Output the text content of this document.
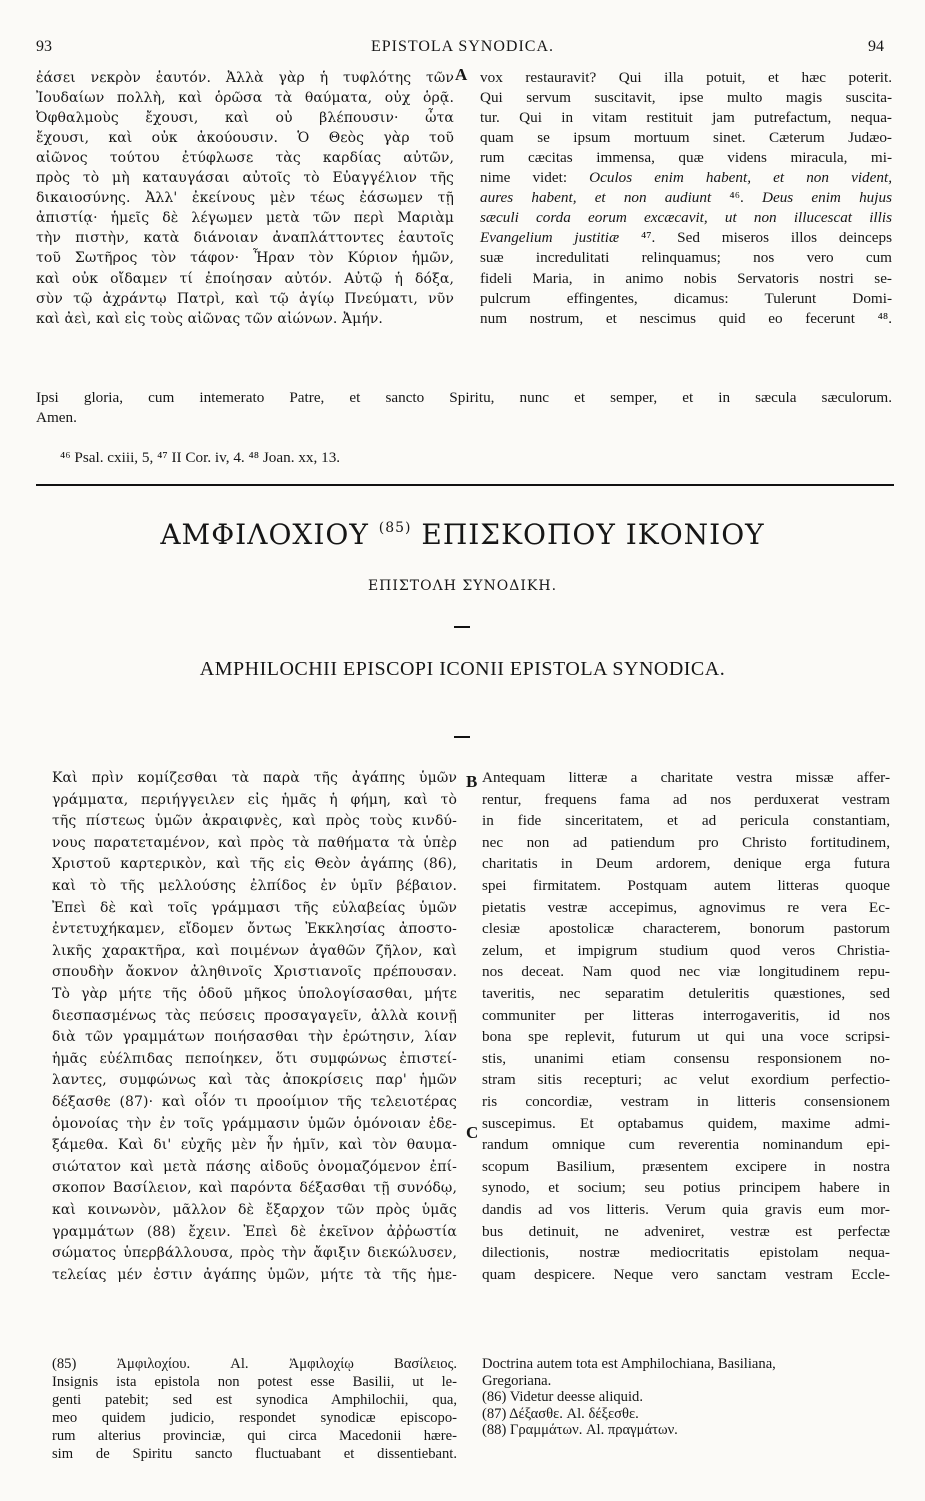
93	EPISTOLA SYNODICA.	94
ἐάσει νεκρὸν ἑαυτόν. Ἀλλὰ γὰρ ἡ τυφλότης τῶν
Ἰουδαίων πολλὴ, καὶ ὁρῶσα τὰ θαύματα, οὐχ ὁρᾷ.
Ὀφθαλμοὺς ἔχουσι, καὶ οὐ βλέπουσιν· ὦτα
ἔχουσι, καὶ οὐκ ἀκούουσιν. Ὁ Θεὸς γὰρ τοῦ
αἰῶνος τούτου ἐτύφλωσε τὰς καρδίας αὐτῶν,
πρὸς τὸ μὴ καταυγάσαι αὐτοῖς τὸ Εὐαγγέλιον τῆς
δικαιοσύνης. Ἀλλ' ἐκείνους μὲν τέως ἐάσωμεν τῇ
ἀπιστίᾳ· ἡμεῖς δὲ λέγωμεν μετὰ τῶν περὶ Μαριὰμ
τὴν πιστὴν, κατὰ διάνοιαν ἀναπλάττοντες ἑαυτοῖς
τοῦ Σωτῆρος τὸν τάφον· Ἦραν τὸν Κύριον ἡμῶν,
καὶ οὐκ οἴδαμεν τί ἐποίησαν αὐτόν. Αὐτῷ ἡ δόξα,
σὺν τῷ ἀχράντῳ Πατρὶ, καὶ τῷ ἁγίῳ Πνεύματι, νῦν
καὶ ἀεὶ, καὶ εἰς τοὺς αἰῶνας τῶν αἰώνων. Ἀμήν.
vox restauravit? Qui illa potuit, et hæc poterit.
Qui servum suscitavit, ipse multo magis suscita-
tur. Qui in vitam restituit jam putrefactum, nequa-
quam se ipsum mortuum sinet. Cæterum Judæo-
rum cæcitas immensa, quæ videns miracula, mi-
nime videt: Oculos enim habent, et non vident,
aures habent, et non audiunt ⁴⁶. Deus enim hujus
sæculi corda eorum excæcavit, ut non illucescat illis
Evangelium justitiæ ⁴⁷. Sed miseros illos deinceps
suæ incredulitati relinquamus; nos vero cum
fideli Maria, in animo nobis Servatoris nostri se-
pulcrum effingentes, dicamus: Tulerunt Domi-
num nostrum, et nescimus quid eo fecerunt ⁴⁸.
A
Ipsi gloria, cum intemerato Patre, et sancto Spiritu, nunc et semper, et in sæcula sæculorum.
Amen.
⁴⁶ Psal. cxiii, 5, ⁴⁷ II Cor. iv, 4. ⁴⁸ Joan. xx, 13.
ΑΜΦΙΛΟΧΙΟΥ $^{(85)}$ ΕΠΙΣΚΟΠΟΥ ΙΚΟΝΙΟΥ
ΕΠΙΣΤΟΛΗ ΣΥΝΟΔΙΚΗ.
AMPHILOCHII EPISCOPI ICONII EPISTOLA SYNODICA.
Καὶ πρὶν κομίζεσθαι τὰ παρὰ τῆς ἀγάπης ὑμῶν
γράμματα, περιήγγειλεν εἰς ἡμᾶς ἡ φήμη, καὶ τὸ
τῆς πίστεως ὑμῶν ἀκραιφνὲς, καὶ πρὸς τοὺς κινδύ-
νους παρατεταμένον, καὶ πρὸς τὰ παθήματα τὰ ὑπὲρ
Χριστοῦ καρτερικὸν, καὶ τῆς εἰς Θεὸν ἀγάπης (86),
καὶ τὸ τῆς μελλούσης ἐλπίδος ἐν ὑμῖν βέβαιον.
Ἐπεὶ δὲ καὶ τοῖς γράμμασι τῆς εὐλαβείας ὑμῶν
ἐντετυχήκαμεν, εἴδομεν ὄντως Ἐκκλησίας ἀποστο-
λικῆς χαρακτῆρα, καὶ ποιμένων ἀγαθῶν ζῆλον, καὶ
σπουδὴν ἄοκνον ἀληθινοῖς Χριστιανοῖς πρέπουσαν.
Τὸ γὰρ μήτε τῆς ὁδοῦ μῆκος ὑπολογίσασθαι, μήτε
διεσπασμένως τὰς πεύσεις προσαγαγεῖν, ἀλλὰ κοινῇ
διὰ τῶν γραμμάτων ποιήσασθαι τὴν ἐρώτησιν, λίαν
ἡμᾶς εὐέλπιδας πεποίηκεν, ὅτι συμφώνως ἐπιστεί-
λαντες, συμφώνως καὶ τὰς ἀποκρίσεις παρ' ἡμῶν
δέξασθε (87)· καὶ οἷόν τι προοίμιον τῆς τελειοτέρας
ὁμονοίας τὴν ἐν τοῖς γράμμασιν ὑμῶν ὁμόνοιαν ἐδε-
ξάμεθα. Καὶ δι' εὐχῆς μὲν ἦν ἡμῖν, καὶ τὸν θαυμα-
σιώτατον καὶ μετὰ πάσης αἰδοῦς ὀνομαζόμενον ἐπί-
σκοπον Βασίλειον, καὶ παρόντα δέξασθαι τῇ συνόδῳ,
καὶ κοινωνὸν, μᾶλλον δὲ ἔξαρχον τῶν πρὸς ὑμᾶς
γραμμάτων (88) ἔχειν. Ἐπεὶ δὲ ἐκεῖνον ἀῤῥωστία
σώματος ὑπερβάλλουσα, πρὸς τὴν ἄφιξιν διεκώλυσεν,
τελείας μέν ἐστιν ἀγάπης ὑμῶν, μήτε τὰ τῆς ἡμε-
Antequam litteræ a charitate vestra missæ affer-
rentur, frequens fama ad nos perduxerat vestram
in fide sinceritatem, et ad pericula constantiam,
nec non ad patiendum pro Christo fortitudinem,
charitatis in Deum ardorem, denique erga futura
spei firmitatem. Postquam autem litteras quoque
pietatis vestræ accepimus, agnovimus re vera Ec-
clesiæ apostolicæ characterem, bonorum pastorum
zelum, et impigrum studium quod veros Christia-
nos deceat. Nam quod nec viæ longitudinem repu-
taveritis, nec separatim detuleritis quæstiones, sed
communiter per litteras interrogaveritis, id nos
bona spe replevit, futurum ut qui una voce scripsi-
stis, unanimi etiam consensu responsionem no-
stram sitis recepturi; ac velut exordium perfectio-
ris concordiæ, vestram in litteris consensionem
suscepimus. Et optabamus quidem, maxime admi-
randum omnique cum reverentia nominandum epi-
scopum Basilium, præsentem excipere in nostra
synodo, et socium; seu potius principem habere in
dandis ad vos litteris. Verum quia gravis eum mor-
bus detinuit, ne adveniret, vestræ est perfectæ
dilectionis, nostræ mediocritatis epistolam nequa-
quam despicere. Neque vero sanctam vestram Eccle-
B
C
(85) Ἀμφιλοχίου. Al. Ἀμφιλοχίῳ Βασίλειος.
Insignis ista epistola non potest esse Basilii, ut le-
genti patebit; sed est synodica Amphilochii, qua,
meo quidem judicio, respondet synodicæ episcopo-
rum alterius provinciæ, qui circa Macedonii hære-
sim de Spiritu sancto fluctuabant et dissentiebant.
Doctrina autem tota est Amphilochiana, Basiliana,
Gregoriana.
(86) Videtur deesse aliquid.
(87) Δέξασθε. Al. δέξεσθε.
(88) Γραμμάτων. Al. πραγμάτων.
